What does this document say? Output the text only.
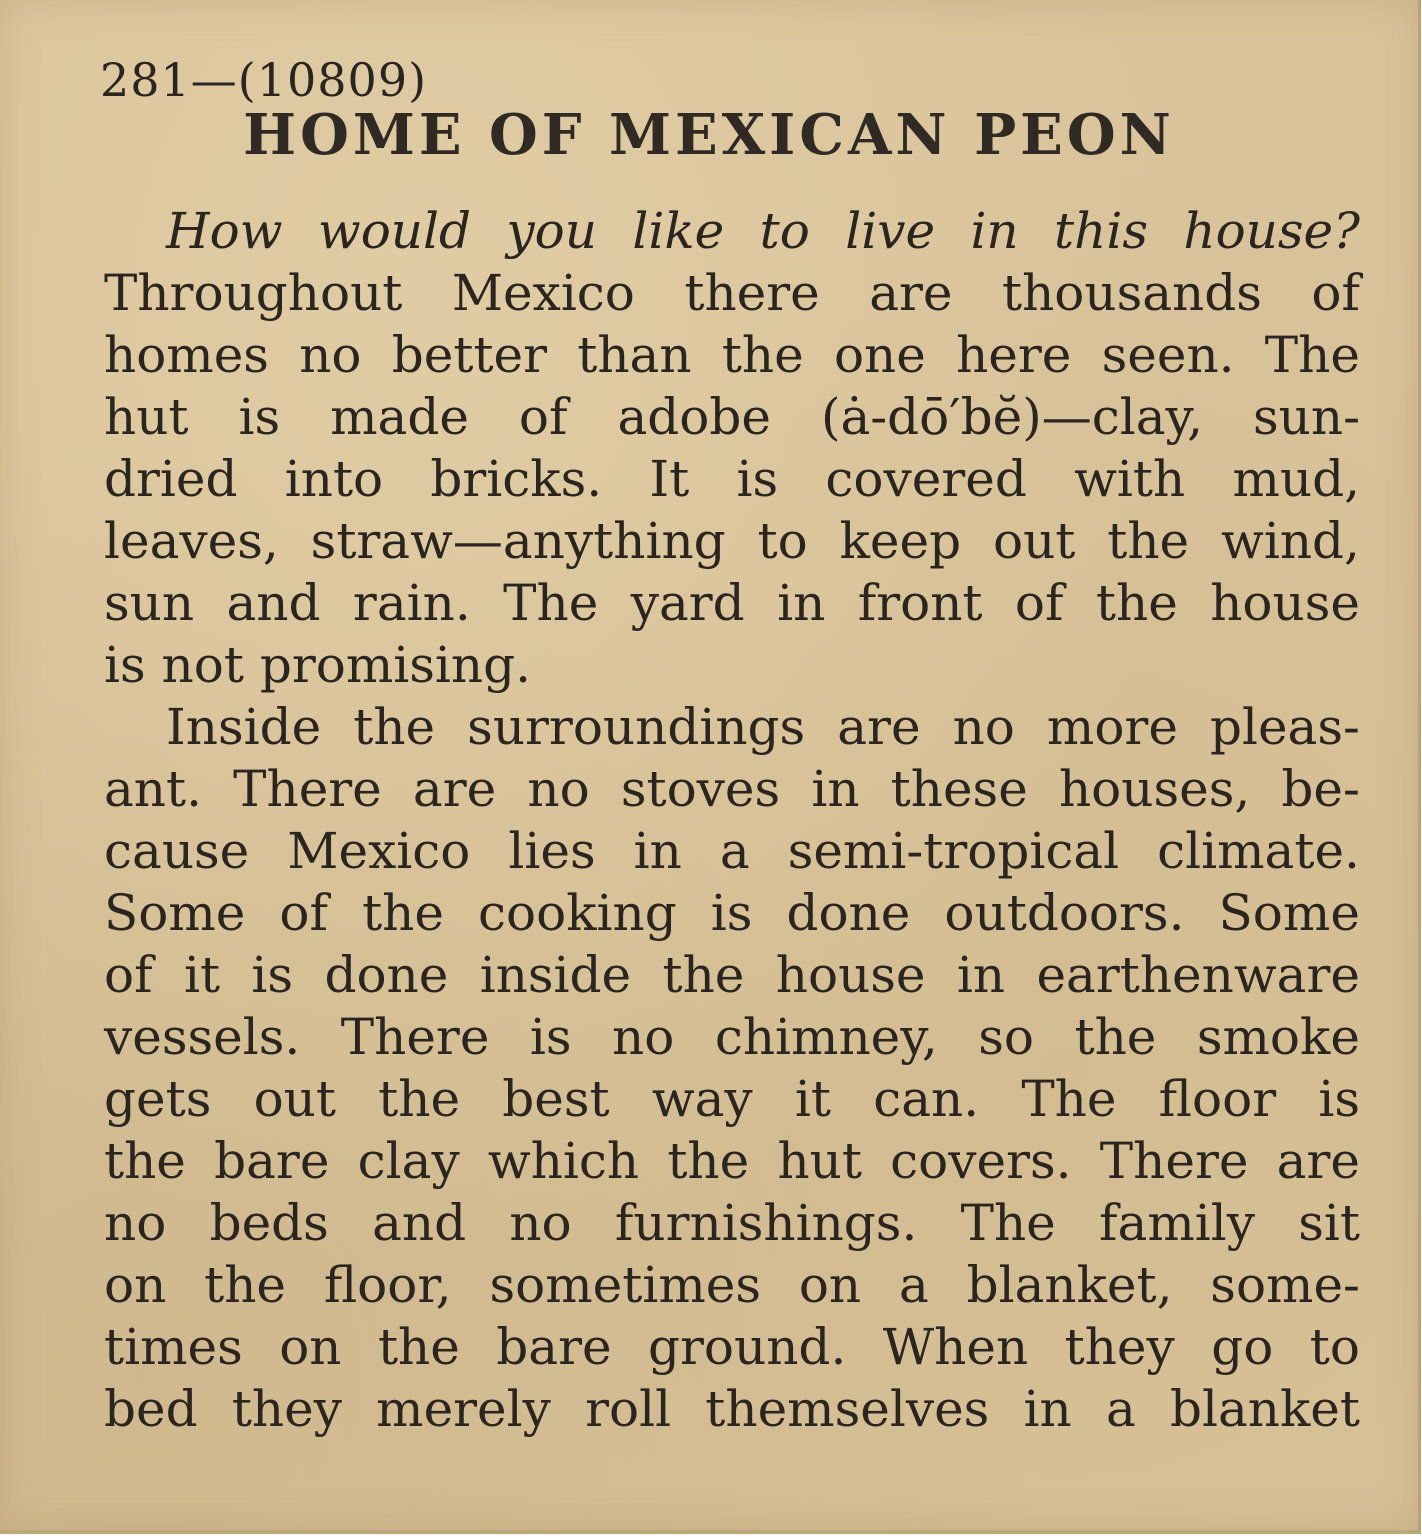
281—(10809)
HOME OF MEXICAN PEON
How would you like to live in this house?
Throughout Mexico there are thousands of
homes no better than the one here seen. The
hut is made of adobe (ȧ-dō′bĕ)—clay, sun-
dried into bricks. It is covered with mud,
leaves, straw—anything to keep out the wind,
sun and rain. The yard in front of the house
is not promising.
Inside the surroundings are no more pleas-
ant. There are no stoves in these houses, be-
cause Mexico lies in a semi-tropical climate.
Some of the cooking is done outdoors. Some
of it is done inside the house in earthenware
vessels. There is no chimney, so the smoke
gets out the best way it can. The floor is
the bare clay which the hut covers. There are
no beds and no furnishings. The family sit
on the floor, sometimes on a blanket, some-
times on the bare ground. When they go to
bed they merely roll themselves in a blanket
